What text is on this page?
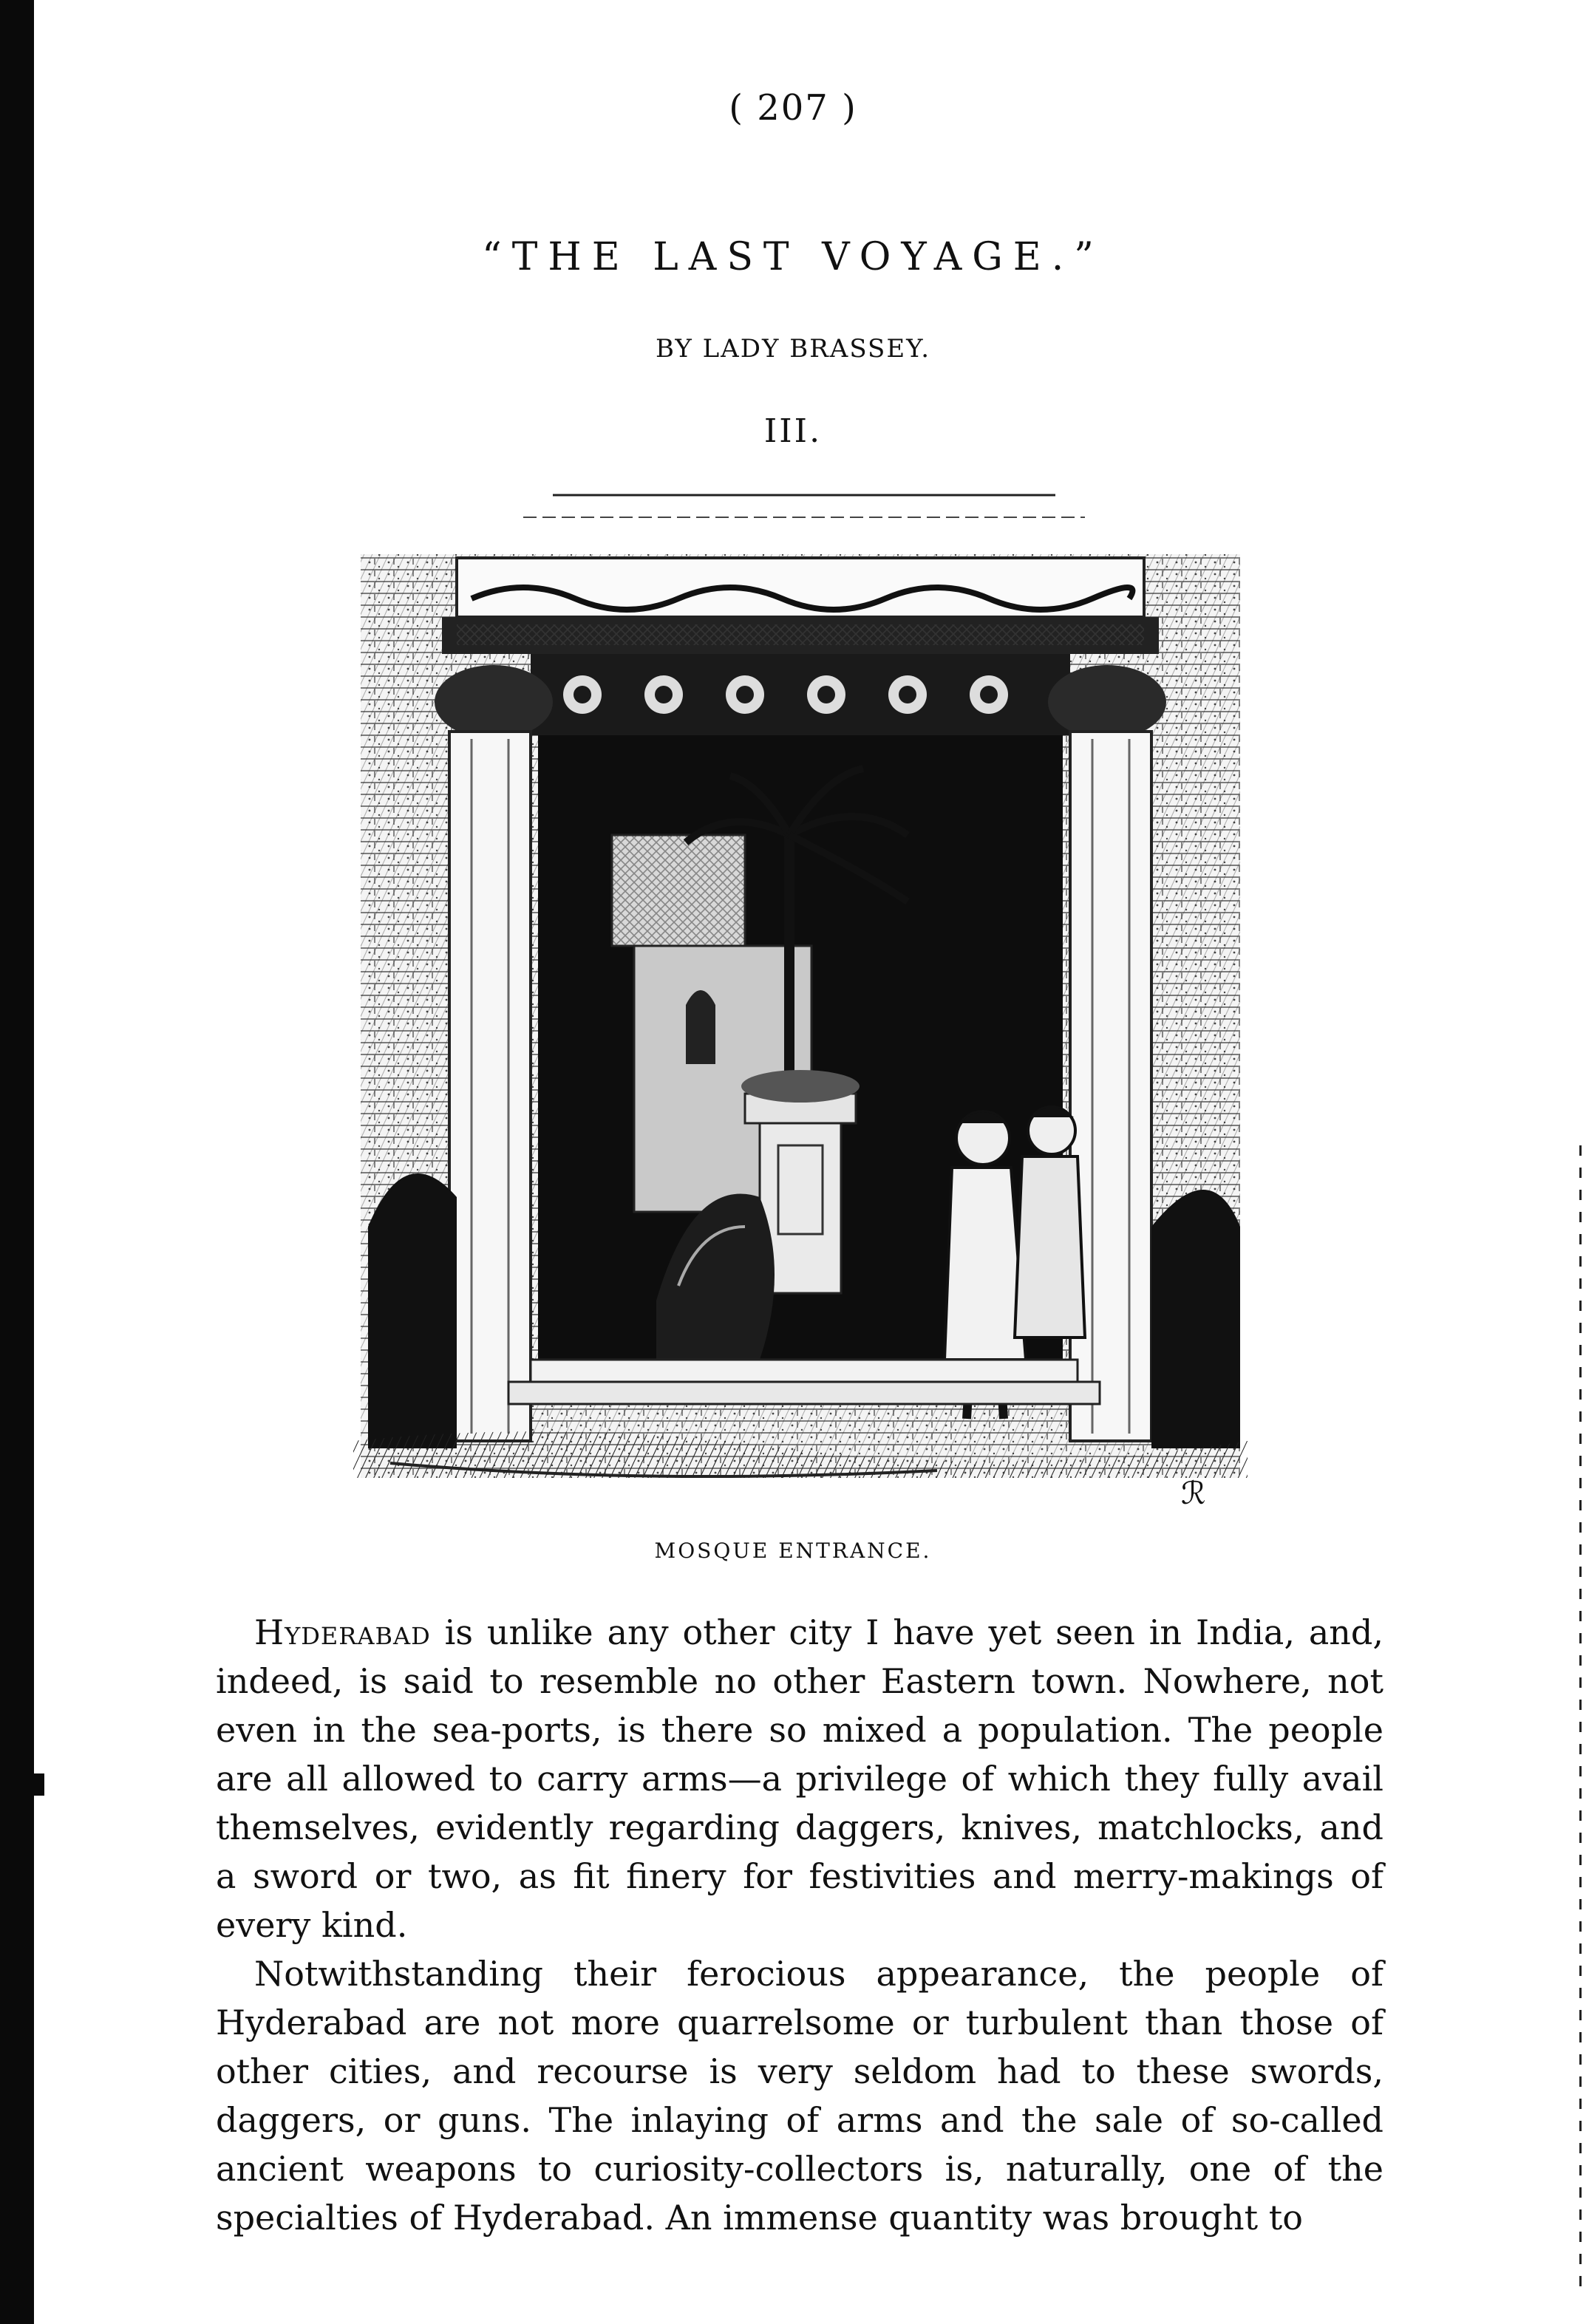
( 207 )
“THE LAST VOYAGE.”
BY LADY BRASSEY.
III.
ℛ
MOSQUE ENTRANCE.

Hyderabad is unlike any other city I have yet seen in India, and, indeed, is said to resemble no other Eastern town. Nowhere, not even in the sea-ports, is there so mixed a population. The people are all allowed to carry arms—a privilege of which they fully avail themselves, evidently regarding daggers, knives, matchlocks, and a sword or two, as fit finery for festivities and merry-makings of every kind.

Notwithstanding their ferocious appearance, the people of Hyderabad are not more quarrelsome or turbulent than those of other cities, and recourse is very seldom had to these swords, daggers, or guns. The inlaying of arms and the sale of so-called ancient weapons to curiosity-collectors is, naturally, one of the specialties of Hyderabad. An immense quantity was brought to
